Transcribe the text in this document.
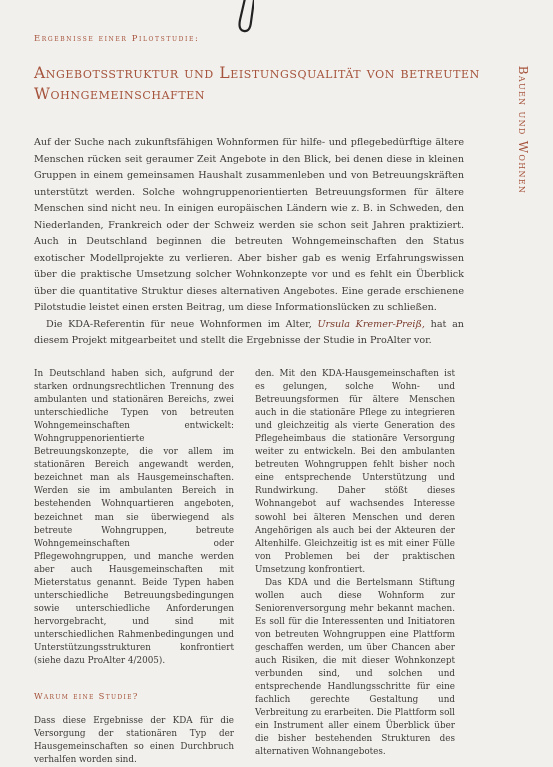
Ergebnisse einer Pilotstudie:
Bauen und Wohnen
Angebotsstruktur und Leistungsqualität von betreuten Wohngemeinschaften

Auf der Suche nach zukunftsfähigen Wohnformen für hilfe- und pflegebedürftige ältere Menschen rücken seit geraumer Zeit Angebote in den Blick, bei denen diese in kleinen Gruppen in einem gemeinsamen Haushalt zusammenleben und von Betreuungskräften unterstützt werden. Solche wohngruppenorientierten Betreuungsformen für ältere Menschen sind nicht neu. In einigen europäischen Ländern wie z. B. in Schweden, den Niederlanden, Frankreich oder der Schweiz werden sie schon seit Jahren praktiziert. Auch in Deutschland beginnen die betreuten Wohngemeinschaften den Status exotischer Modellprojekte zu verlieren. Aber bisher gab es wenig Erfahrungswissen über die praktische Umsetzung solcher Wohnkonzepte vor und es fehlt ein Überblick über die quantitative Struktur dieses alternativen Angebotes. Eine gerade erschienene Pilotstudie leistet einen ersten Beitrag, um diese Informationslücken zu schließen.

Die KDA-Referentin für neue Wohnformen im Alter, Ursula Kremer-Preiß, hat an diesem Projekt mitgearbeitet und stellt die Ergebnisse der Studie in ProAlter vor.

In Deutschland haben sich, aufgrund der starken ordnungsrechtlichen Trennung des ambulanten und stationären Bereichs, zwei unterschiedliche Typen von betreuten Wohngemeinschaften entwickelt: Wohngruppenorientierte Betreuungskonzepte, die vor allem im stationären Bereich angewandt werden, bezeichnet man als Hausgemeinschaften. Werden sie im ambulanten Bereich in bestehenden Wohnquartieren angeboten, bezeichnet man sie überwiegend als betreute Wohngruppen, betreute Wohngemeinschaften oder Pflegewohngruppen, und manche werden aber auch Hausgemeinschaften mit Mieterstatus genannt. Beide Typen haben unterschiedliche Betreuungsbedingungen sowie unterschiedliche Anforderungen hervorgebracht, und sind mit unterschiedlichen Rahmenbedingungen und Unterstützungsstrukturen konfrontiert (siehe dazu ProAlter 4/2005).

Warum eine Studie?

Dass diese Ergebnisse der KDA für die Versorgung der stationären Typ der Hausgemeinschaften so einen Durchbruch verhalfen worden sind.

den. Mit den KDA-Hausgemeinschaften ist es gelungen, solche Wohn- und Betreuungsformen für ältere Menschen auch in die stationäre Pflege zu integrieren und gleichzeitig als vierte Generation des Pflegeheimbaus die stationäre Versorgung weiter zu entwickeln. Bei den ambulanten betreuten Wohngruppen fehlt bisher noch eine entsprechende Unterstützung und Rundwirkung. Daher stößt dieses Wohnangebot auf wachsendes Interesse sowohl bei älteren Menschen und deren Angehörigen als auch bei der Akteuren der Altenhilfe. Gleichzeitig ist es mit einer Fülle von Problemen bei der praktischen Umsetzung konfrontiert.

Das KDA und die Bertelsmann Stiftung wollen auch diese Wohnform zur Seniorenversorgung mehr bekannt machen. Es soll für die Interessenten und Initiatoren von betreuten Wohngruppen eine Plattform geschaffen werden, um über Chancen aber auch Risiken, die mit dieser Wohnkonzept verbunden sind, und solchen und entsprechende Handlungsschritte für eine fachlich gerechte Gestaltung und Verbreitung zu erarbeiten. Die Plattform soll ein Instrument aller einem Überblick über die bisher bestehenden Strukturen des alternativen Wohnangebotes.
